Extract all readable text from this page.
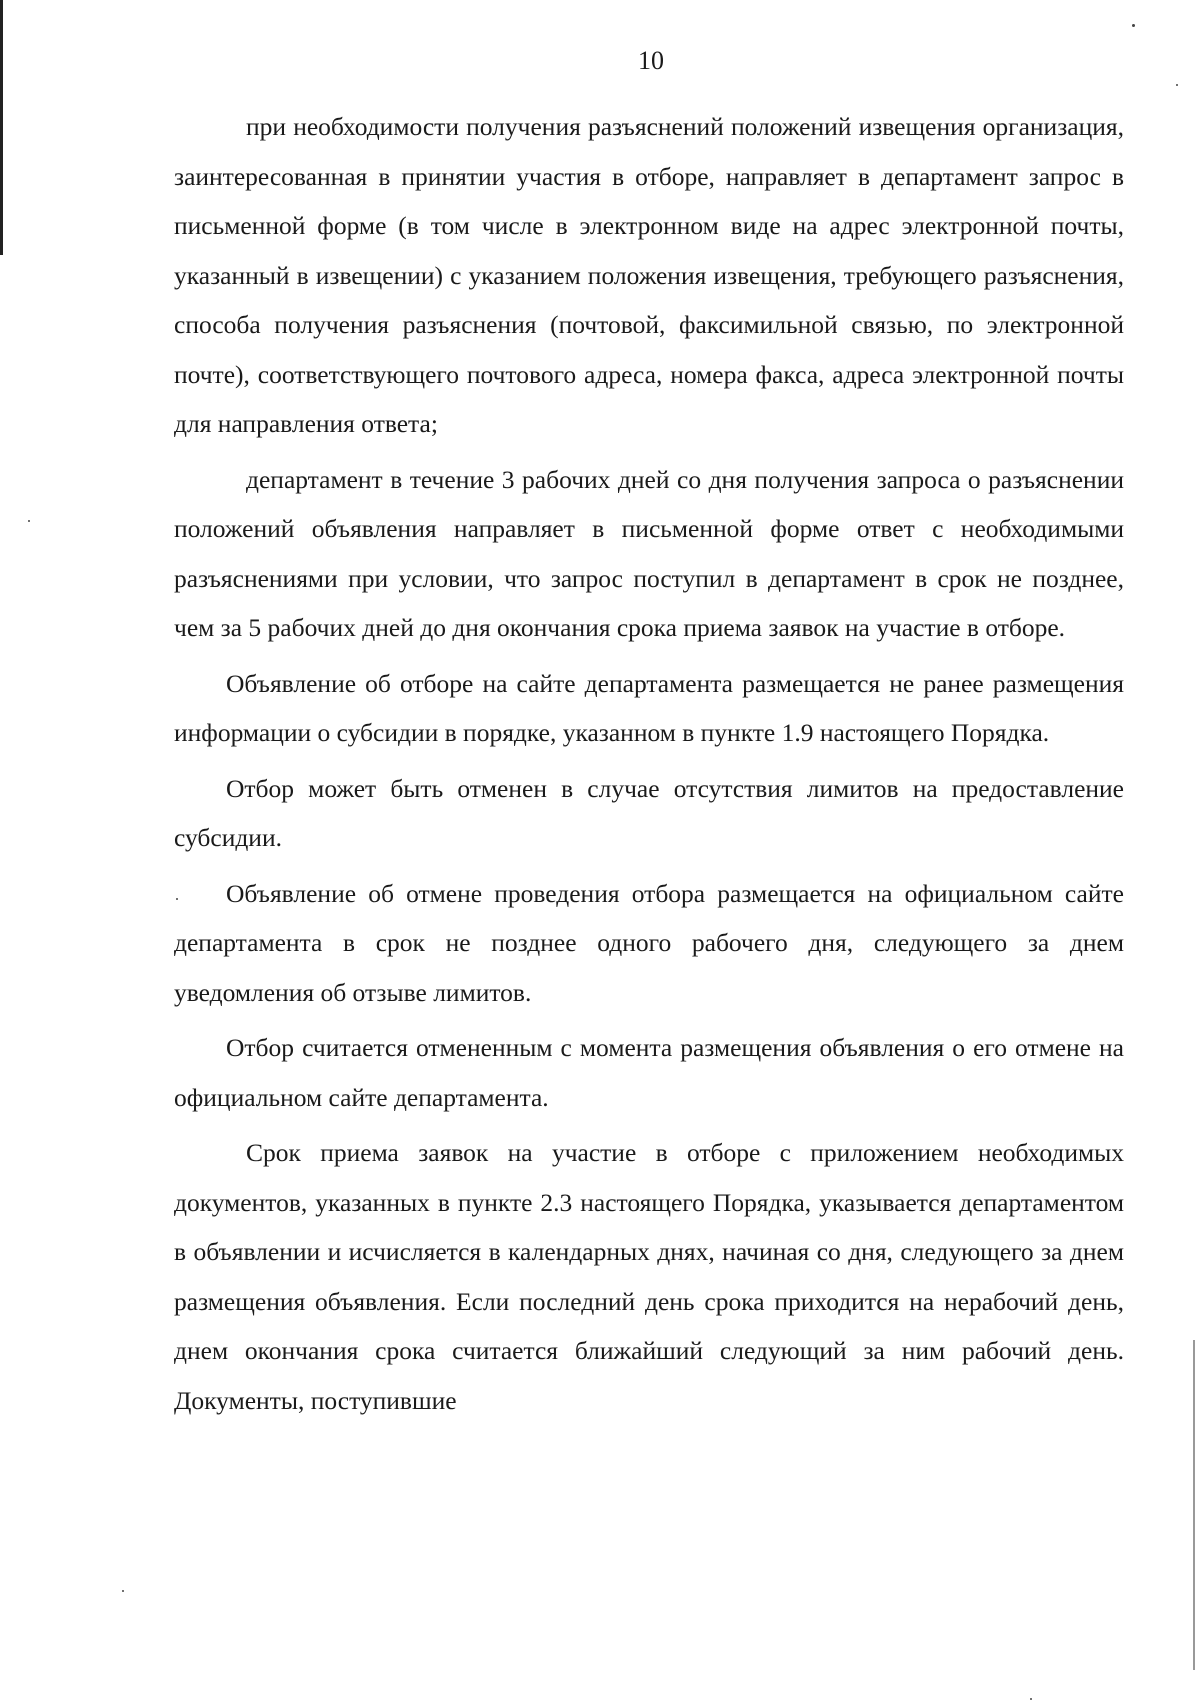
10

при необходимости получения разъяснений положений извещения организация, заинтересованная в принятии участия в отборе, направляет в департамент запрос в письменной форме (в том числе в электронном виде на адрес электронной почты, указанный в извещении) с указанием положения извещения, требующего разъяснения, способа получения разъяснения (почтовой, факсимильной связью, по электронной почте), соответствующего почтового адреса, номера факса, адреса электронной почты для направления ответа;

департамент в течение 3 рабочих дней со дня получения запроса о разъяснении положений объявления направляет в письменной форме ответ с необходимыми разъяснениями при условии, что запрос поступил в департамент в срок не позднее, чем за 5 рабочих дней до дня окончания срока приема заявок на участие в отборе.

Объявление об отборе на сайте департамента размещается не ранее размещения информации о субсидии в порядке, указанном в пункте 1.9 настоящего Порядка.

Отбор может быть отменен в случае отсутствия лимитов на предоставление субсидии.

Объявление об отмене проведения отбора размещается на официальном сайте департамента в срок не позднее одного рабочего дня, следующего за днем уведомления об отзыве лимитов.

Отбор считается отмененным с момента размещения объявления о его отмене на официальном сайте департамента.

Срок приема заявок на участие в отборе с приложением необходимых документов, указанных в пункте 2.3 настоящего Порядка, указывается департаментом в объявлении и исчисляется в календарных днях, начиная со дня, следующего за днем размещения объявления. Если последний день срока приходится на нерабочий день, днем окончания срока считается ближайший следующий за ним рабочий день. Документы, поступившие
